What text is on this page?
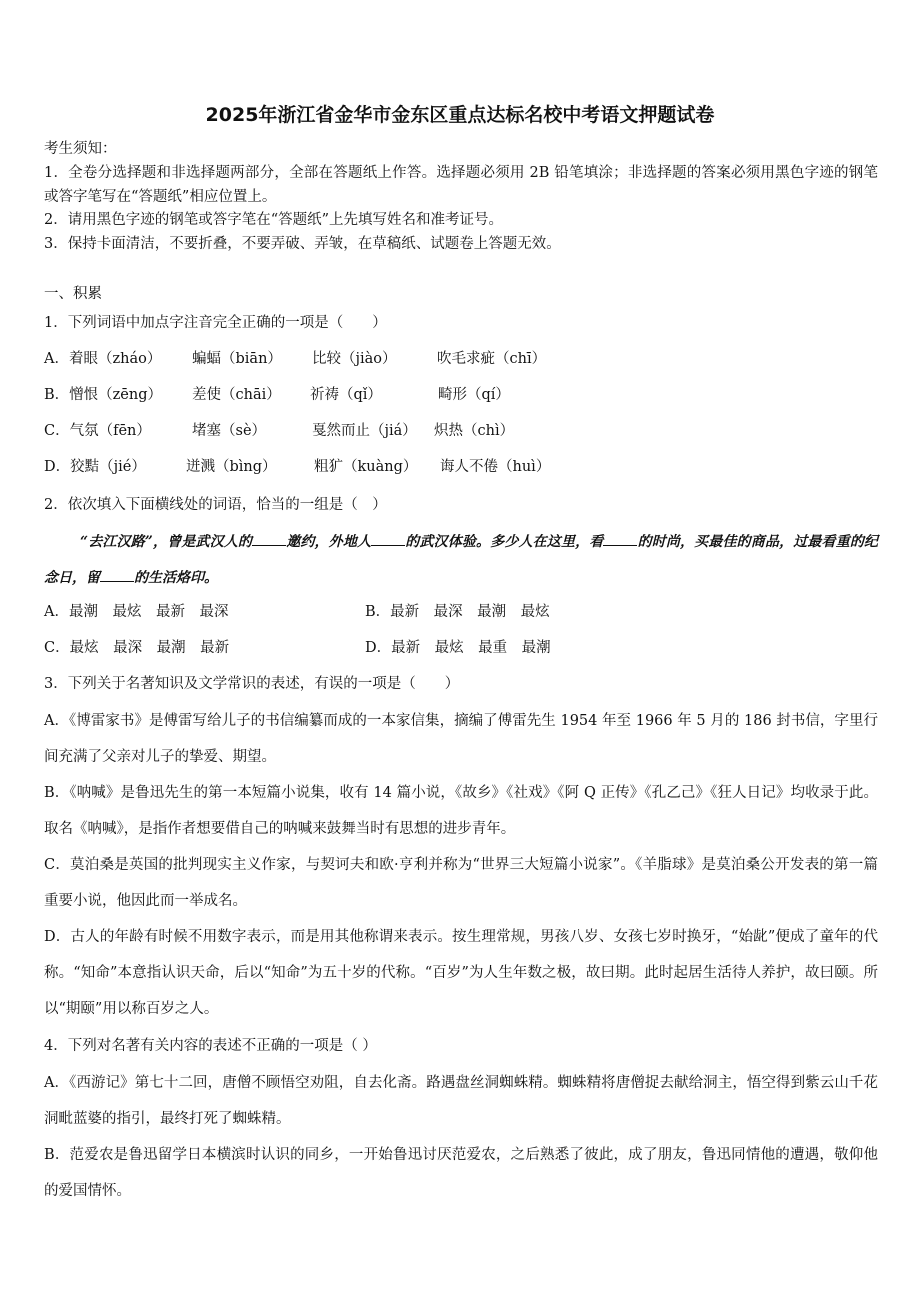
2025年浙江省金华市金东区重点达标名校中考语文押题试卷
考生须知：
1．全卷分选择题和非选择题两部分，全部在答题纸上作答。选择题必须用 2B 铅笔填涂；非选择题的答案必须用黑色字迹的钢笔或答字笔写在“答题纸”相应位置上。
2．请用黑色字迹的钢笔或答字笔在“答题纸”上先填写姓名和准考证号。
3．保持卡面清洁，不要折叠，不要弄破、弄皱，在草稿纸、试题卷上答题无效。
一、积累
1．下列词语中加点字注音完全正确的一项是（　　）
A．着眼（zháo） 蝙蝠（biān） 比较（jiào）	吹毛求疵（chī）
B．憎恨（zēng） 差使（chāi） 祈祷（qǐ）	畸形（qí）
C．气氛（fēn）	堵塞（sè）	戛然而止（jiá） 炽热（chì）
D．狡黠（jié）	迸溅（bìng）	粗犷（kuàng） 诲人不倦（huì）
2．依次填入下面横线处的词语，恰当的一组是（　）
“去江汉路”，曾是武汉人的 邀约，外地人 的武汉体验。多少人在这里，看 的时尚，买最佳的商品，过最看重的纪念日，留 的生活烙印。
A．最潮　最炫　最新　最深	B．最新　最深　最潮　最炫
C．最炫　最深　最潮　最新	D．最新　最炫　最重　最潮
3．下列关于名著知识及文学常识的表述，有误的一项是（　　）
A．《博雷家书》是傅雷写给儿子的书信编纂而成的一本家信集，摘编了傅雷先生 1954 年至 1966 年 5 月的 186 封书信，字里行间充满了父亲对儿子的挚爱、期望。
B．《呐喊》是鲁迅先生的第一本短篇小说集，收有 14 篇小说，《故乡》《社戏》《阿 Q 正传》《孔乙己》《狂人日记》均收录于此。取名《呐喊》，是指作者想要借自己的呐喊来鼓舞当时有思想的进步青年。
C．莫泊桑是英国的批判现实主义作家，与契诃夫和欧·亨利并称为“世界三大短篇小说家”。《羊脂球》是莫泊桑公开发表的第一篇重要小说，他因此而一举成名。
D．古人的年龄有时候不用数字表示，而是用其他称谓来表示。按生理常规，男孩八岁、女孩七岁时换牙，“始龀”便成了童年的代称。“知命”本意指认识天命，后以“知命”为五十岁的代称。“百岁”为人生年数之极，故曰期。此时起居生活待人养护，故曰颐。所以“期颐”用以称百岁之人。
4．下列对名著有关内容的表述不正确的一项是（ ）
A．《西游记》第七十二回，唐僧不顾悟空劝阻，自去化斋。路遇盘丝洞蜘蛛精。蜘蛛精将唐僧捉去献给洞主，悟空得到紫云山千花洞毗蓝婆的指引，最终打死了蜘蛛精。
B．范爱农是鲁迅留学日本横滨时认识的同乡，一开始鲁迅讨厌范爱农，之后熟悉了彼此，成了朋友，鲁迅同情他的遭遇，敬仰他的爱国情怀。
